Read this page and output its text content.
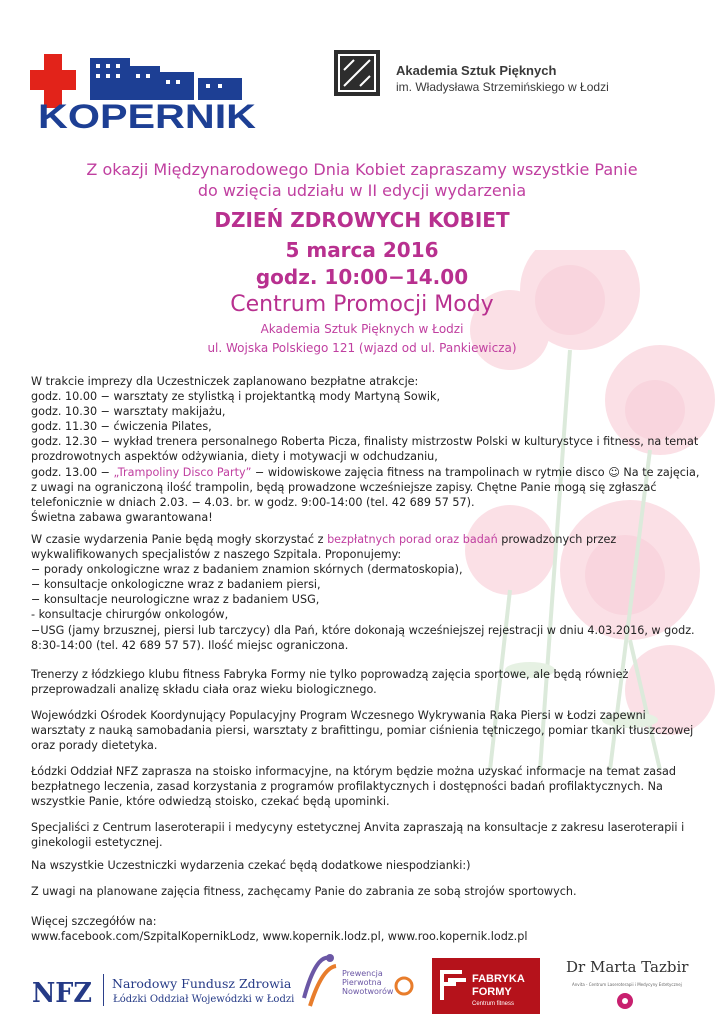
KOPERNIK
Akademia Sztuk Pięknych
im. Władysława Strzemińskiego w Łodzi
Z okazji Międzynarodowego Dnia Kobiet zapraszamy wszystkie Panie
do wzięcia udziału w II edycji wydarzenia
DZIEŃ ZDROWYCH KOBIET
5 marca 2016
godz. 10:00−14.00
Centrum Promocji Mody
Akademia Sztuk Pięknych w Łodzi
ul. Wojska Polskiego 121 (wjazd od ul. Pankiewicza)
W trakcie imprezy dla Uczestniczek zaplanowano bezpłatne atrakcje:
godz. 10.00 − warsztaty ze stylistką i projektantką mody Martyną Sowik,
godz. 10.30 − warsztaty makijażu,
godz. 11.30 − ćwiczenia Pilates,
godz. 12.30 − wykład trenera personalnego Roberta Picza, finalisty mistrzostw Polski w kulturystyce i fitness, na temat prozdrowotnych aspektów odżywiania, diety i motywacji w odchudzaniu,
godz. 13.00 − „Trampoliny Disco Party” − widowiskowe zajęcia fitness na trampolinach w rytmie disco ☺ Na te zajęcia, z uwagi na ograniczoną ilość trampolin, będą prowadzone wcześniejsze zapisy. Chętne Panie mogą się zgłaszać telefonicznie w dniach 2.03. − 4.03. br. w godz. 9:00-14:00 (tel. 42 689 57 57).
Świetna zabawa gwarantowana!
W czasie wydarzenia Panie będą mogły skorzystać z bezpłatnych porad oraz badań prowadzonych przez wykwalifikowanych specjalistów z naszego Szpitala. Proponujemy:
− porady onkologiczne wraz z badaniem znamion skórnych (dermatoskopia),
− konsultacje onkologiczne wraz z badaniem piersi,
− konsultacje neurologiczne wraz z badaniem USG,
- konsultacje chirurgów onkologów,
−USG (jamy brzusznej, piersi lub tarczycy) dla Pań, które dokonają wcześniejszej rejestracji w dniu 4.03.2016, w godz. 8:30-14:00 (tel. 42 689 57 57). Ilość miejsc ograniczona.
Trenerzy z łódzkiego klubu fitness Fabryka Formy nie tylko poprowadzą zajęcia sportowe, ale będą również przeprowadzali analizę składu ciała oraz wieku biologicznego.
Wojewódzki Ośrodek Koordynujący Populacyjny Program Wczesnego Wykrywania Raka Piersi w Łodzi zapewni warsztaty z nauką samobadania piersi, warsztaty z brafittingu, pomiar ciśnienia tętniczego, pomiar tkanki tłuszczowej oraz porady dietetyka.
Łódzki Oddział NFZ zaprasza na stoisko informacyjne, na którym będzie można uzyskać informacje na temat zasad bezpłatnego leczenia, zasad korzystania z programów profilaktycznych i dostępności badań profilaktycznych. Na wszystkie Panie, które odwiedzą stoisko, czekać będą upominki.
Specjaliści z Centrum laseroterapii i medycyny estetycznej Anvita zapraszają na konsultacje z zakresu laseroterapii i ginekologii estetycznej.
Na wszystkie Uczestniczki wydarzenia czekać będą dodatkowe niespodzianki:)
Z uwagi na planowane zajęcia fitness, zachęcamy Panie do zabrania ze sobą strojów sportowych.
Więcej szczegółów na:
www.facebook.com/SzpitalKopernikLodz, www.kopernik.lodz.pl, www.roo.kopernik.lodz.pl
NFZ Narodowy Fundusz Zdrowia
Łódzki Oddział Wojewódzki w Łodzi
Prewencja
Pierwotna
Nowotworów
FABRYKA
FORMY
Centrum fitness
Dr Marta Tazbir
Anvita - Centrum Laseroterapii i Medycyny Estetycznej
